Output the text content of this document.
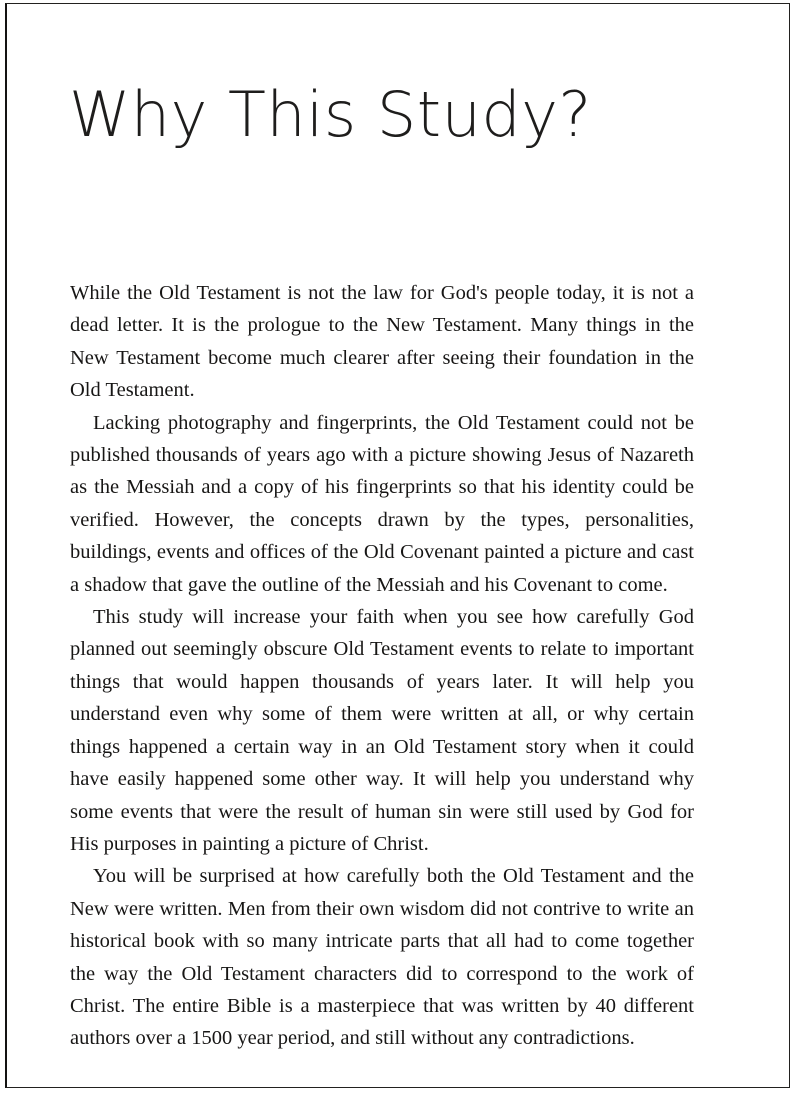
Why This Study?

While the Old Testament is not the law for God's people today, it is not a dead letter. It is the prologue to the New Testament. Many things in the New Testament become much clearer after seeing their foundation in the Old Testament.

Lacking photography and fingerprints, the Old Testament could not be published thousands of years ago with a picture showing Jesus of Nazareth as the Messiah and a copy of his fingerprints so that his identity could be verified. However, the concepts drawn by the types, personalities, buildings, events and offices of the Old Covenant painted a picture and cast a shadow that gave the outline of the Messiah and his Covenant to come.

This study will increase your faith when you see how carefully God planned out seemingly obscure Old Testament events to relate to important things that would happen thousands of years later. It will help you understand even why some of them were written at all, or why certain things happened a certain way in an Old Testament story when it could have easily happened some other way. It will help you understand why some events that were the result of human sin were still used by God for His purposes in painting a picture of Christ.

You will be surprised at how carefully both the Old Testament and the New were written. Men from their own wisdom did not contrive to write an historical book with so many intricate parts that all had to come together the way the Old Testament characters did to correspond to the work of Christ. The entire Bible is a masterpiece that was written by 40 different authors over a 1500 year period, and still without any contradictions.
